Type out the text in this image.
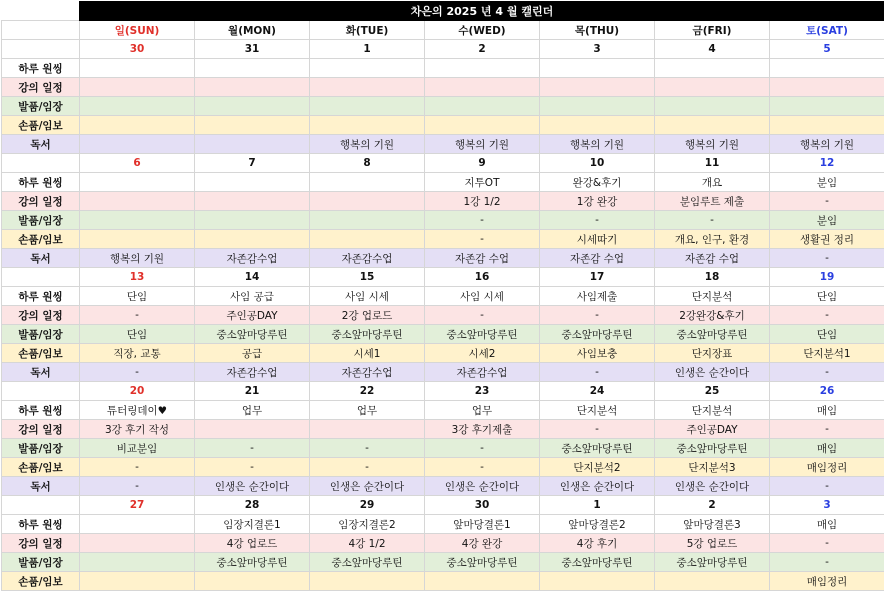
	차은의 2025 년 4 월 캘린더						
	일(SUN)	월(MON)	화(TUE)	수(WED)	목(THU)	금(FRI)	토(SAT)
	30	31	1	2	3	4	5
하루 원씽							
강의 일정							
발품/임장							
손품/임보							
독서			행복의 기원	행복의 기원	행복의 기원	행복의 기원	행복의 기원
	6	7	8	9	10	11	12
하루 원씽				지투OT	완강&후기	개요	분임
강의 일정				1강 1/2	1강 완강	분임루트 제출	-
발품/임장				-	-	-	분임
손품/임보				-	시세따기	개요, 인구, 환경	생활권 정리
독서	행복의 기원	자존감수업	자존감수업	자존감 수업	자존감 수업	자존감 수업	-
	13	14	15	16	17	18	19
하루 원씽	단임	사임 공급	사임 시세	사임 시세	사임제출	단지분석	단임
강의 일정	-	주인공DAY	2강 업로드	-	-	2강완강&후기	-
발품/임장	단임	중소앞마당루틴	중소앞마당루틴	중소앞마당루틴	중소앞마당루틴	중소앞마당루틴	단임
손품/임보	직장, 교통	공급	시세1	시세2	사임보충	단지장표	단지분석1
독서	-	자존감수업	자존감수업	자존감수업	-	인생은 순간이다	-
	20	21	22	23	24	25	26
하루 원씽	튜터링데이♥	업무	업무	업무	단지분석	단지분석	매임
강의 일정	3강 후기 작성			3강 후기제출	-	주인공DAY	-
발품/임장	비교분임	-	-	-	중소앞마당루틴	중소앞마당루틴	매임
손품/임보	-	-	-	-	단지분석2	단지분석3	매임정리
독서	-	인생은 순간이다	인생은 순간이다	인생은 순간이다	인생은 순간이다	인생은 순간이다	-
	27	28	29	30	1	2	3
하루 원씽		임장지결론1	임장지결론2	앞마당결론1	앞마당결론2	앞마당결론3	매임
강의 일정		4강 업로드	4강 1/2	4강 완강	4강 후기	5강 업로드	-
발품/임장		중소앞마당루틴	중소앞마당루틴	중소앞마당루틴	중소앞마당루틴	중소앞마당루틴	-
손품/임보							매임정리
